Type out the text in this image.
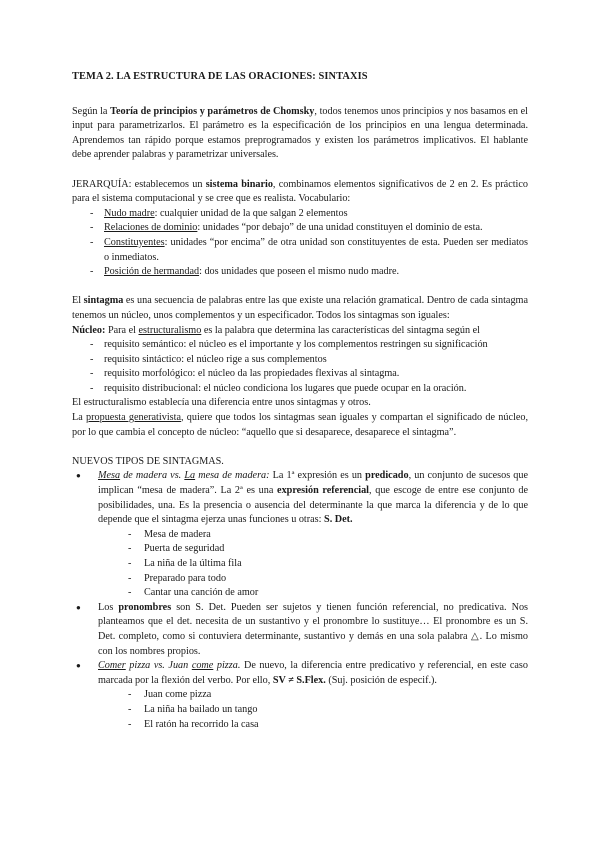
TEMA 2. LA ESTRUCTURA DE LAS ORACIONES: SINTAXIS

Según la Teoría de principios y parámetros de Chomsky, todos tenemos unos principios y nos basamos en el input para parametrizarlos. El parámetro es la especificación de los principios en una lengua determinada. Aprendemos tan rápido porque estamos preprogramados y existen los parámetros implicativos. El hablante debe aprender palabras y parametrizar universales.

JERARQUÍA: establecemos un sistema binario, combinamos elementos significativos de 2 en 2. Es práctico para el sistema computacional y se cree que es realista. Vocabulario:

- Nudo madre: cualquier unidad de la que salgan 2 elementos
- Relaciones de dominio: unidades “por debajo” de una unidad constituyen el dominio de esta.
- Constituyentes: unidades “por encima” de otra unidad son constituyentes de esta. Pueden ser mediatos o inmediatos.
- Posición de hermandad: dos unidades que poseen el mismo nudo madre.

El sintagma es una secuencia de palabras entre las que existe una relación gramatical. Dentro de cada sintagma tenemos un núcleo, unos complementos y un especificador. Todos los sintagmas son iguales:

Núcleo: Para el estructuralismo es la palabra que determina las características del sintagma según el

- requisito semántico: el núcleo es el importante y los complementos restringen su significación
- requisito sintáctico: el núcleo rige a sus complementos
- requisito morfológico: el núcleo da las propiedades flexivas al sintagma.
- requisito distribucional: el núcleo condiciona los lugares que puede ocupar en la oración.

El estructuralismo establecía una diferencia entre unos sintagmas y otros.

La propuesta generativista, quiere que todos los sintagmas sean iguales y compartan el significado de núcleo, por lo que cambia el concepto de núcleo: “aquello que si desaparece, desaparece el sintagma”.

NUEVOS TIPOS DE SINTAGMAS.

● Mesa de madera vs. La mesa de madera: La 1ª expresión es un predicado, un conjunto de sucesos que implican “mesa de madera”. La 2ª es una expresión referencial, que escoge de entre ese conjunto de posibilidades, una. Es la presencia o ausencia del determinante la que marca la diferencia y de lo que depende que el sintagma ejerza unas funciones u otras: S. Det.
- Mesa de madera
- Puerta de seguridad
- La niña de la última fila
- Preparado para todo
- Cantar una canción de amor
● Los pronombres son S. Det. Pueden ser sujetos y tienen función referencial, no predicativa. Nos planteamos que el det. necesita de un sustantivo y el pronombre lo sustituye… El pronombre es un S. Det. completo, como si contuviera determinante, sustantivo y demás en una sola palabra △. Lo mismo con los nombres propios.
● Comer pizza vs. Juan come pizza. De nuevo, la diferencia entre predicativo y referencial, en este caso marcada por la flexión del verbo. Por ello, SV ≠ S.Flex. (Suj. posición de especif.).
- Juan come pizza
- La niña ha bailado un tango
- El ratón ha recorrido la casa
